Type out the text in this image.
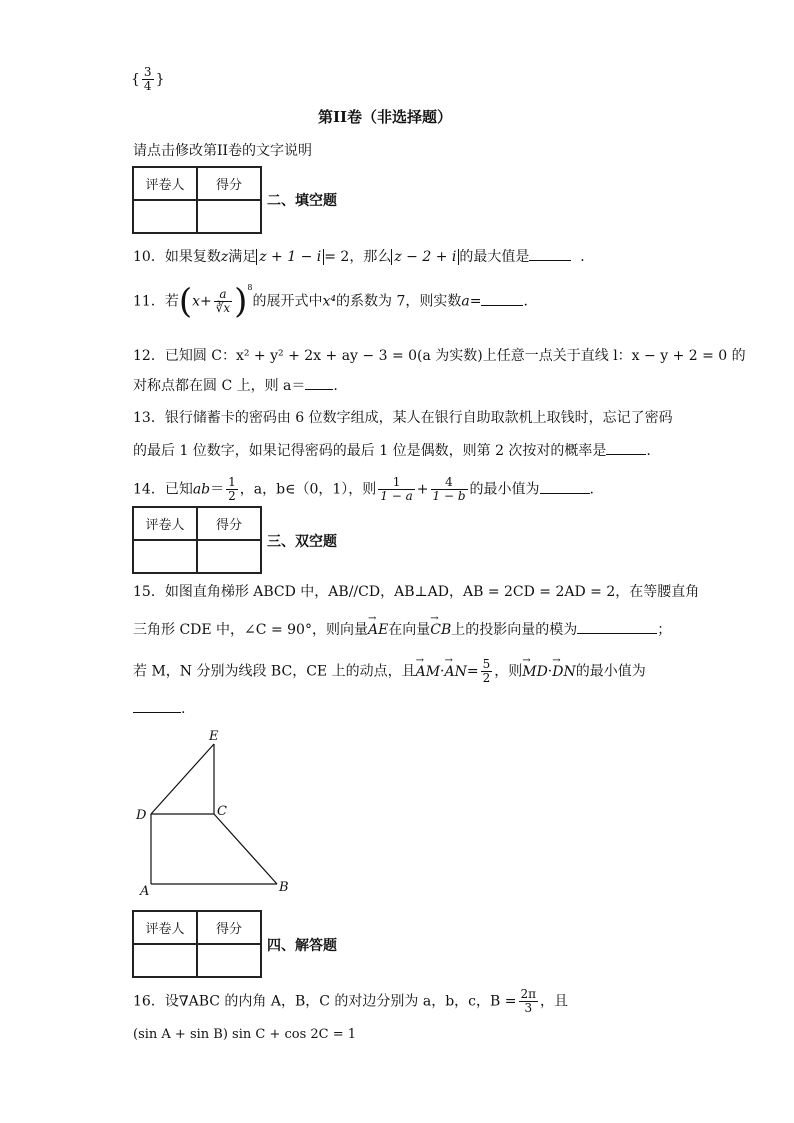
{ $\frac{3}{4}$ }
第II卷（非选择题）
请点击修改第II卷的文字说明
评卷人	得分

二、填空题
10．如果复数z满足 z + 1 − i = 2，那么 z − 2 + i 的最大值是	．
11．若$(x+ \frac{a}{∛x} )^8$的展开式中x⁴的系数为 7，则实数a=	.
12．已知圆 C：x² + y² + 2x + ay − 3 = 0(a 为实数)上任意一点关于直线 l：x − y + 2 = 0 的
对称点都在圆 C 上，则 a＝ .
13．银行储蓄卡的密码由 6 位数字组成，某人在银行自助取款机上取钱时，忘记了密码
的最后 1 位数字，如果记得密码的最后 1 位是偶数，则第 2 次按对的概率是	.
14．已知$ab= \frac{1}{2}$ ，a，b∈（0，1），则 $\frac{1}{1 - a} + \frac{4}{1 - b}$ 的最小值为	.
评卷人	得分

三、双空题
15．如图直角梯形 ABCD 中，AB//CD，AB⊥AD，AB = 2CD = 2AD = 2，在等腰直角
三角形 CDE 中，∠C = 90°，则向量→ AE在向量→ CB上的投影向量的模为	；
若 M，N 分别为线段 BC，CE 上的动点，且→ $AM\cdot\to AN= \frac{5}{2}$ ，则→ MD·→ DN的最小值为
.
E
D	C
A	B
评卷人	得分

四、解答题
16．设∇ABC 的内角 A，B，C 的对边分别为 a，b，c，$B = \frac{2\pi}{3}$ ，且
(sin A + sin B) sin C + cos 2C = 1
